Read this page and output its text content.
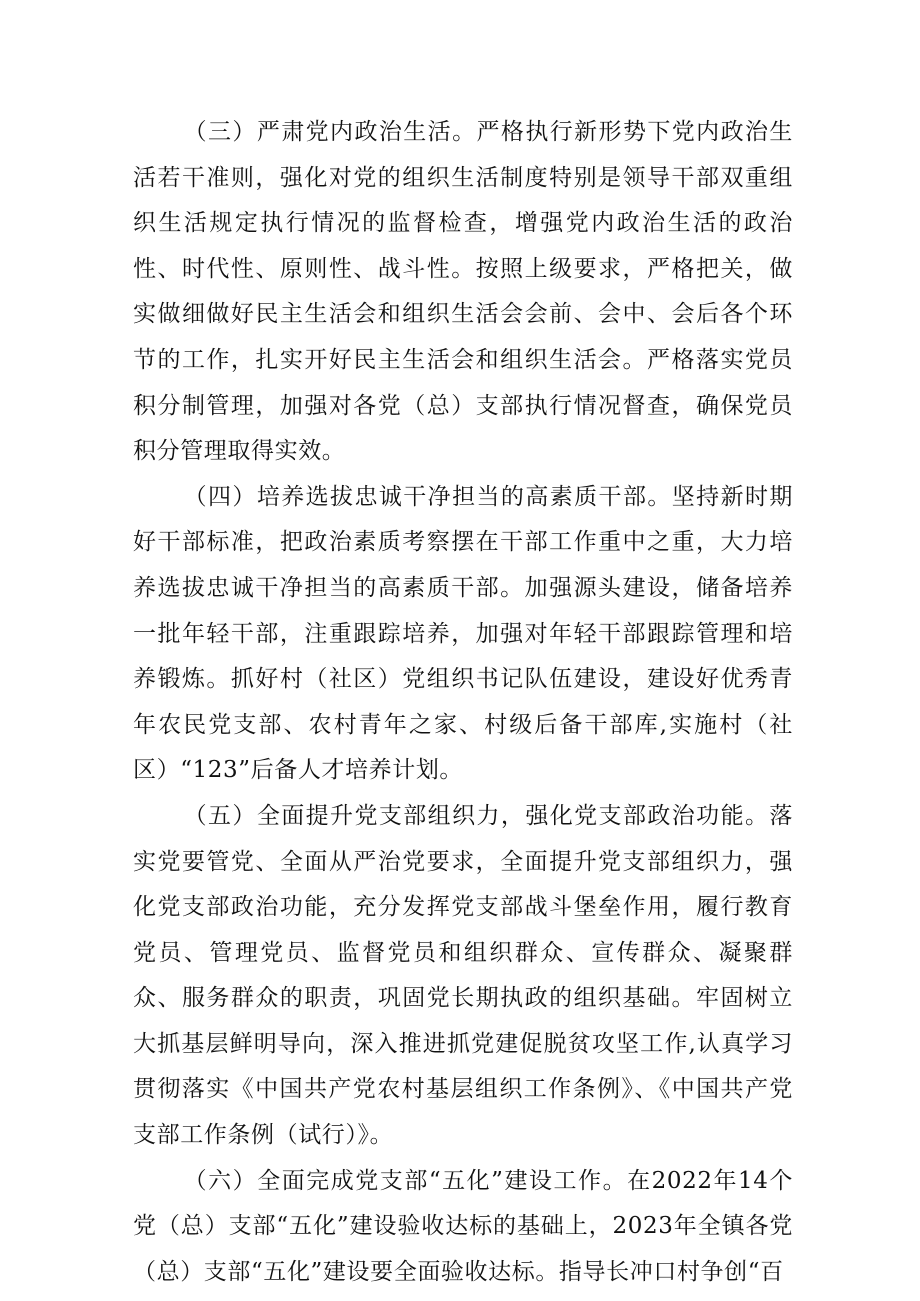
（三）严肃党内政治生活。严格执行新形势下党内政治生活若干准则，强化对党的组织生活制度特别是领导干部双重组织生活规定执行情况的监督检查，增强党内政治生活的政治性、时代性、原则性、战斗性。按照上级要求，严格把关，做实做细做好民主生活会和组织生活会会前、会中、会后各个环节的工作，扎实开好民主生活会和组织生活会。严格落实党员积分制管理，加强对各党（总）支部执行情况督查，确保党员积分管理取得实效。

（四）培养选拔忠诚干净担当的高素质干部。坚持新时期好干部标准，把政治素质考察摆在干部工作重中之重，大力培养选拔忠诚干净担当的高素质干部。加强源头建设，储备培养一批年轻干部，注重跟踪培养，加强对年轻干部跟踪管理和培养锻炼。抓好村（社区）党组织书记队伍建设，建设好优秀青年农民党支部、农村青年之家、村级后备干部库,实施村（社区）“123”后备人才培养计划。

（五）全面提升党支部组织力，强化党支部政治功能。落实党要管党、全面从严治党要求，全面提升党支部组织力，强化党支部政治功能，充分发挥党支部战斗堡垒作用，履行教育党员、管理党员、监督党员和组织群众、宣传群众、凝聚群众、服务群众的职责，巩固党长期执政的组织基础。牢固树立大抓基层鲜明导向，深入推进抓党建促脱贫攻坚工作,认真学习贯彻落实《中国共产党农村基层组织工作条例》、《中国共产党支部工作条例（试行）》。

（六）全面完成党支部“五化”建设工作。在2022年14个党（总）支部“五化”建设验收达标的基础上，2023年全镇各党（总）支部“五化”建设要全面验收达标。指导长冲口村争创“百
